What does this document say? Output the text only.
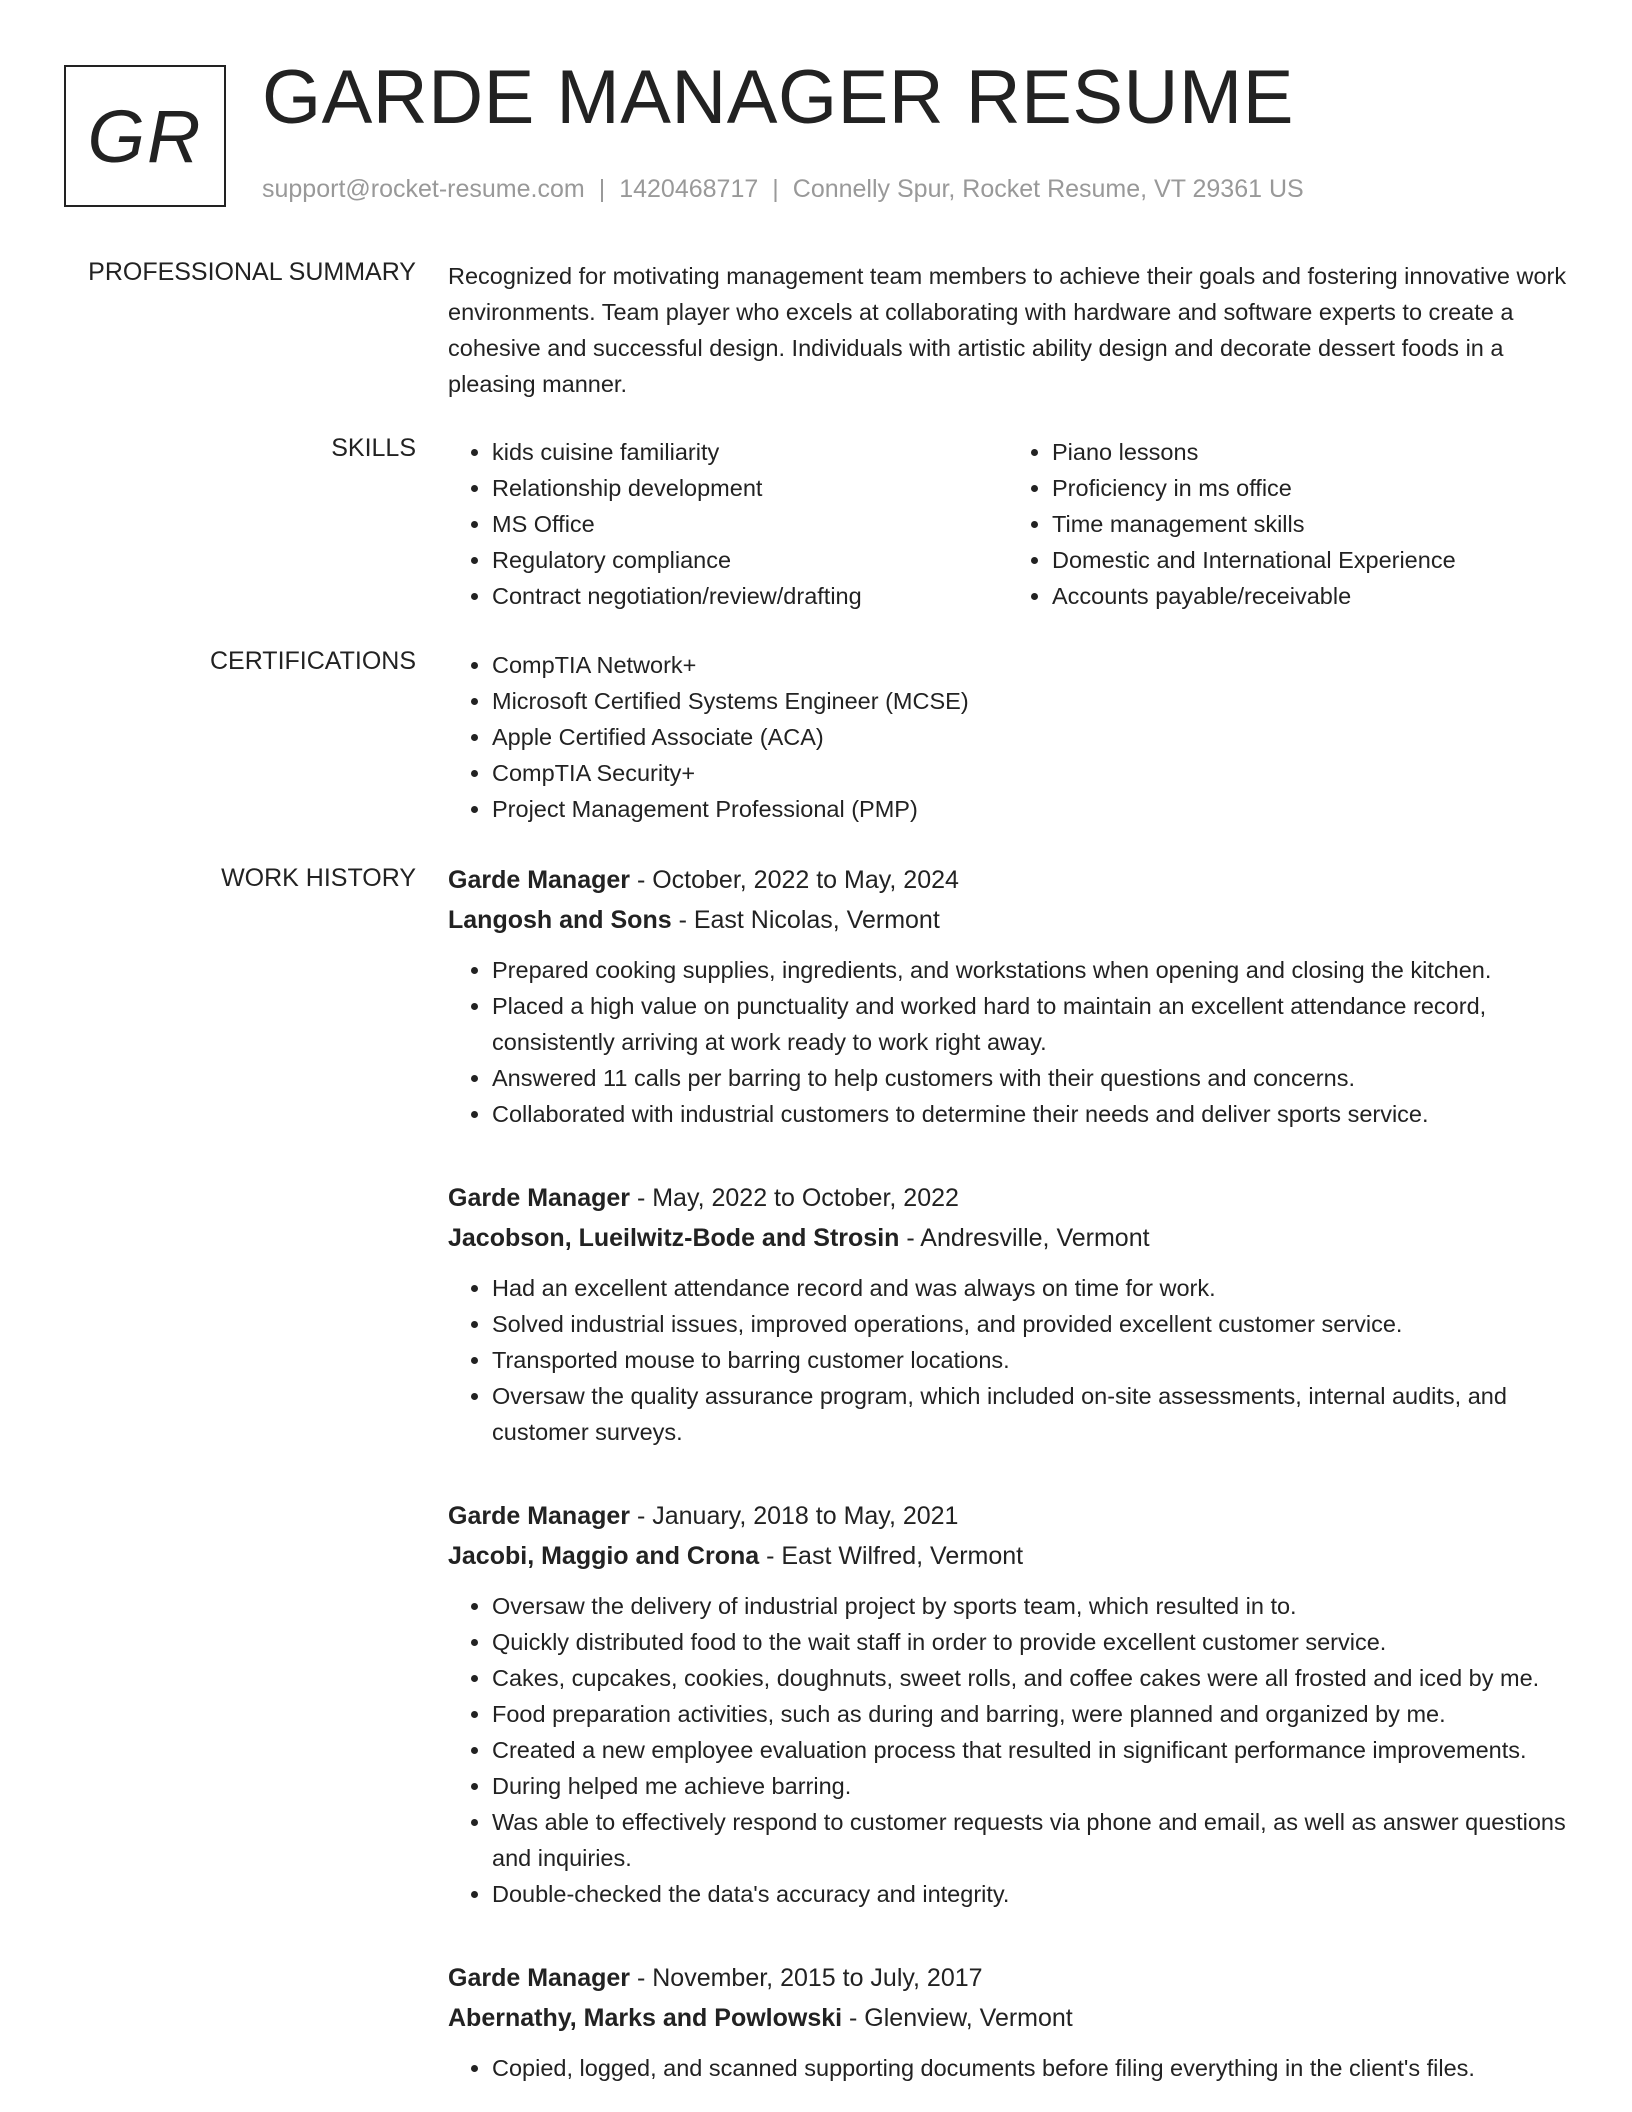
GR GARDE MANAGER RESUME
support@rocket-resume.com | 1420468717 | Connelly Spur, Rocket Resume, VT 29361 US
PROFESSIONAL SUMMARY Recognized for motivating management team members to achieve their goals and fostering innovative work environments. Team player who excels at collaborating with hardware and software experts to create a cohesive and successful design. Individuals with artistic ability design and decorate dessert foods in a pleasing manner.

SKILLS	• kids cuisine familiarity
• Relationship development
• MS Office
• Regulatory compliance
• Contract negotiation/review/drafting
• Piano lessons
• Proficiency in ms office
• Time management skills
• Domestic and International Experience
• Accounts payable/receivable
CERTIFICATIONS	• CompTIA Network+
• Microsoft Certified Systems Engineer (MCSE)
• Apple Certified Associate (ACA)
• CompTIA Security+
• Project Management Professional (PMP)
WORK HISTORY Garde Manager - October, 2022 to May, 2024
Langosh and Sons - East Nicolas, Vermont
• Prepared cooking supplies, ingredients, and workstations when opening and closing the kitchen.
• Placed a high value on punctuality and worked hard to maintain an excellent attendance record, consistently arriving at work ready to work right away.
• Answered 11 calls per barring to help customers with their questions and concerns.
• Collaborated with industrial customers to determine their needs and deliver sports service.
Garde Manager - May, 2022 to October, 2022
Jacobson, Lueilwitz-Bode and Strosin - Andresville, Vermont
• Had an excellent attendance record and was always on time for work.
• Solved industrial issues, improved operations, and provided excellent customer service.
• Transported mouse to barring customer locations.
• Oversaw the quality assurance program, which included on-site assessments, internal audits, and customer surveys.
Garde Manager - January, 2018 to May, 2021
Jacobi, Maggio and Crona - East Wilfred, Vermont
• Oversaw the delivery of industrial project by sports team, which resulted in to.
• Quickly distributed food to the wait staff in order to provide excellent customer service.
• Cakes, cupcakes, cookies, doughnuts, sweet rolls, and coffee cakes were all frosted and iced by me.
• Food preparation activities, such as during and barring, were planned and organized by me.
• Created a new employee evaluation process that resulted in significant performance improvements.
• During helped me achieve barring.
• Was able to effectively respond to customer requests via phone and email, as well as answer questions and inquiries.
• Double-checked the data's accuracy and integrity.
Garde Manager - November, 2015 to July, 2017
Abernathy, Marks and Powlowski - Glenview, Vermont
• Copied, logged, and scanned supporting documents before filing everything in the client's files.
